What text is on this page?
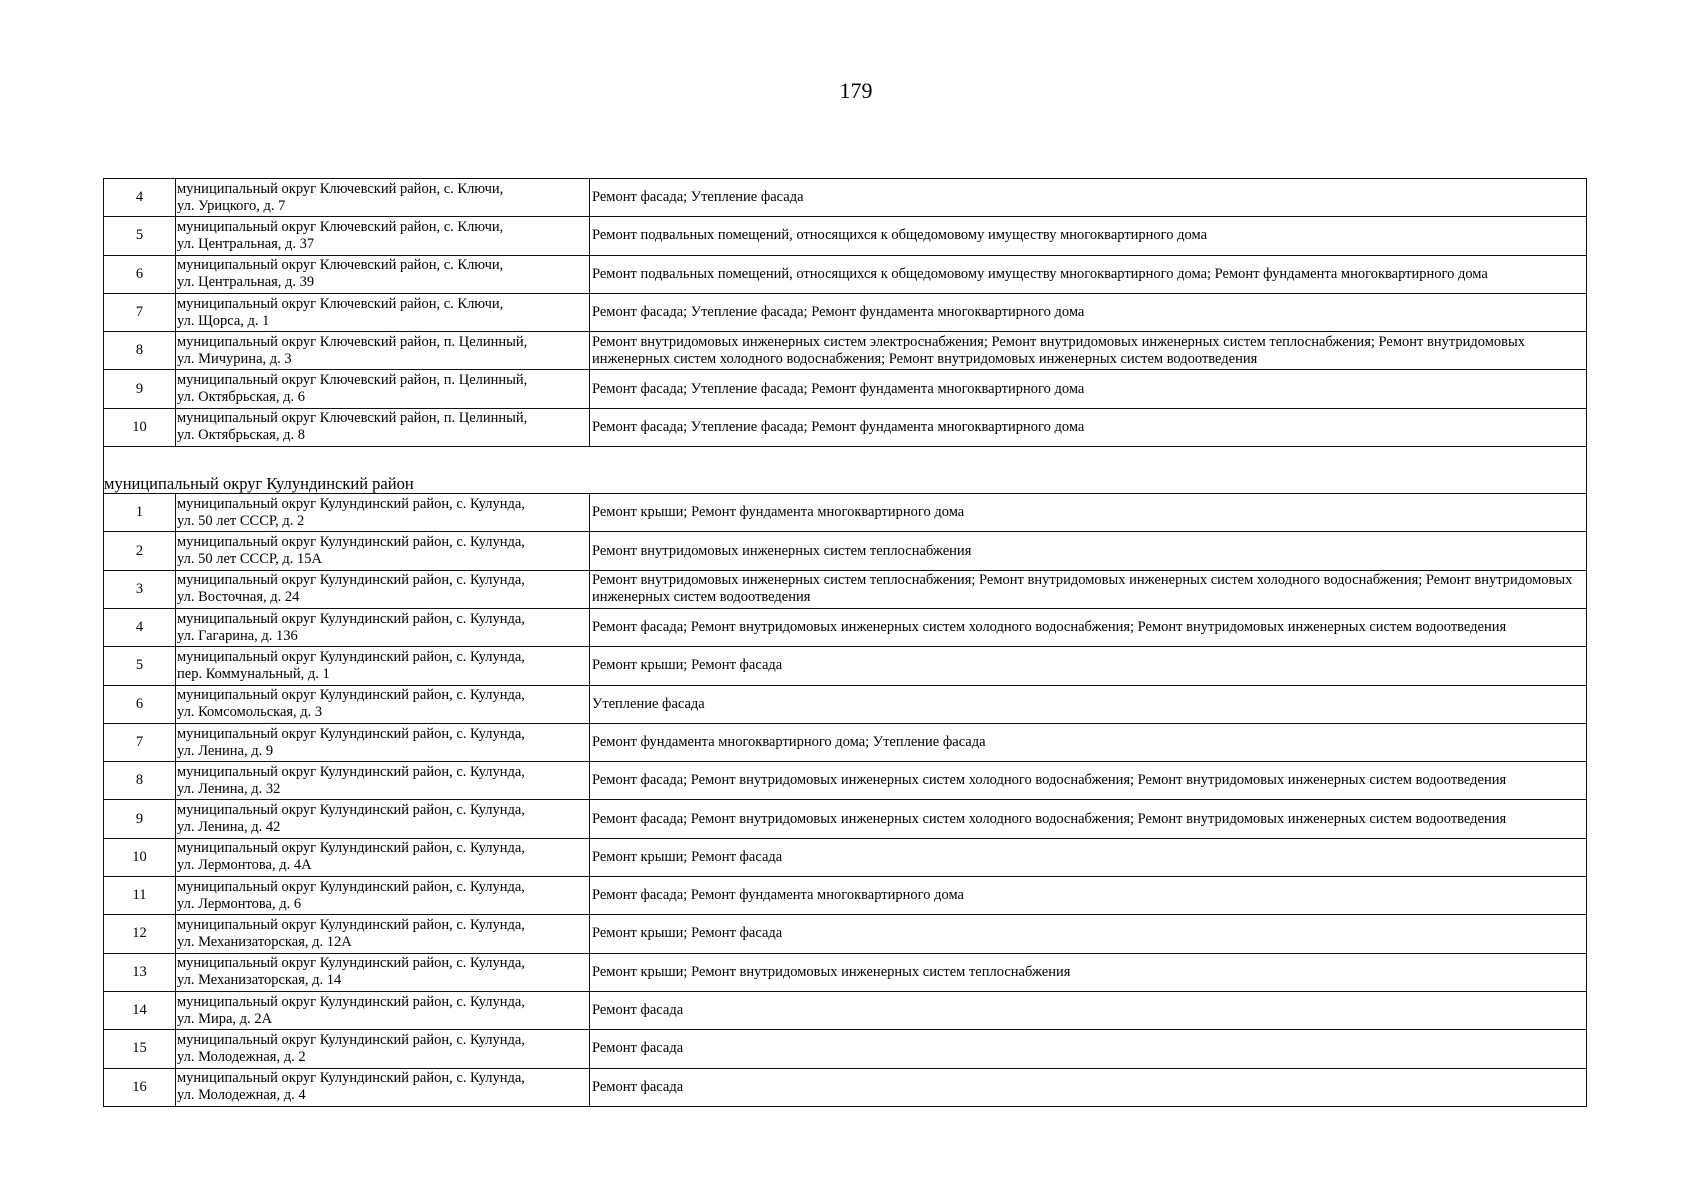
179
4	муниципальный округ Ключевский район, с. Ключи,
ул. Урицкого, д. 7	Ремонт фасада; Утепление фасада

5	муниципальный округ Ключевский район, с. Ключи,
ул. Центральная, д. 37	Ремонт подвальных помещений, относящихся к общедомовому имуществу многоквартирного дома

6	муниципальный округ Ключевский район, с. Ключи,
ул. Центральная, д. 39	Ремонт подвальных помещений, относящихся к общедомовому имуществу многоквартирного дома; Ремонт фундамента многоквартирного дома

7	муниципальный округ Ключевский район, с. Ключи,
ул. Щорса, д. 1	Ремонт фасада; Утепление фасада; Ремонт фундамента многоквартирного дома

8	муниципальный округ Ключевский район, п. Целинный,
ул. Мичурина, д. 3	Ремонт внутридомовых инженерных систем электроснабжения; Ремонт внутридомовых инженерных систем теплоснабжения; Ремонт внутридомовых инженерных систем холодного водоснабжения; Ремонт внутридомовых инженерных систем водоотведения

9	муниципальный округ Ключевский район, п. Целинный,
ул. Октябрьская, д. 6	Ремонт фасада; Утепление фасада; Ремонт фундамента многоквартирного дома

10	муниципальный округ Ключевский район, п. Целинный,
ул. Октябрьская, д. 8	Ремонт фасада; Утепление фасада; Ремонт фундамента многоквартирного дома

муниципальный округ Кулундинский район		
1	муниципальный округ Кулундинский район, с. Кулунда,
ул. 50 лет СССР, д. 2	Ремонт крыши; Ремонт фундамента многоквартирного дома

2	муниципальный округ Кулундинский район, с. Кулунда,
ул. 50 лет СССР, д. 15А	Ремонт внутридомовых инженерных систем теплоснабжения

3	муниципальный округ Кулундинский район, с. Кулунда,
ул. Восточная, д. 24	Ремонт внутридомовых инженерных систем теплоснабжения; Ремонт внутридомовых инженерных систем холодного водоснабжения; Ремонт внутридомовых инженерных систем водоотведения

4	муниципальный округ Кулундинский район, с. Кулунда,
ул. Гагарина, д. 136	Ремонт фасада; Ремонт внутридомовых инженерных систем холодного водоснабжения; Ремонт внутридомовых инженерных систем водоотведения

5	муниципальный округ Кулундинский район, с. Кулунда,
пер. Коммунальный, д. 1	Ремонт крыши; Ремонт фасада

6	муниципальный округ Кулундинский район, с. Кулунда,
ул. Комсомольская, д. 3	Утепление фасада

7	муниципальный округ Кулундинский район, с. Кулунда,
ул. Ленина, д. 9	Ремонт фундамента многоквартирного дома; Утепление фасада

8	муниципальный округ Кулундинский район, с. Кулунда,
ул. Ленина, д. 32	Ремонт фасада; Ремонт внутридомовых инженерных систем холодного водоснабжения; Ремонт внутридомовых инженерных систем водоотведения

9	муниципальный округ Кулундинский район, с. Кулунда,
ул. Ленина, д. 42	Ремонт фасада; Ремонт внутридомовых инженерных систем холодного водоснабжения; Ремонт внутридомовых инженерных систем водоотведения

10	муниципальный округ Кулундинский район, с. Кулунда,
ул. Лермонтова, д. 4А	Ремонт крыши; Ремонт фасада

11	муниципальный округ Кулундинский район, с. Кулунда,
ул. Лермонтова, д. 6	Ремонт фасада; Ремонт фундамента многоквартирного дома

12	муниципальный округ Кулундинский район, с. Кулунда,
ул. Механизаторская, д. 12А	Ремонт крыши; Ремонт фасада

13	муниципальный округ Кулундинский район, с. Кулунда,
ул. Механизаторская, д. 14	Ремонт крыши; Ремонт внутридомовых инженерных систем теплоснабжения

14	муниципальный округ Кулундинский район, с. Кулунда,
ул. Мира, д. 2А	Ремонт фасада

15	муниципальный округ Кулундинский район, с. Кулунда,
ул. Молодежная, д. 2	Ремонт фасада

16	муниципальный округ Кулундинский район, с. Кулунда,
ул. Молодежная, д. 4	Ремонт фасада
